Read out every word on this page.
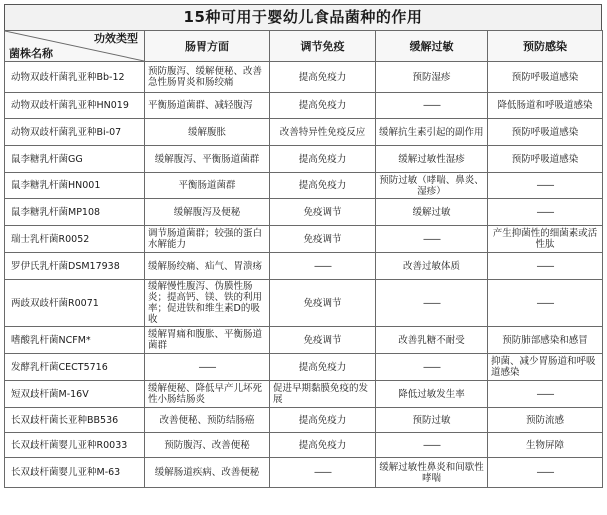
15种可用于婴幼儿食品菌种的作用
功效类型
菌株名称	肠胃方面	调节免疫	缓解过敏	预防感染
动物双歧杆菌乳亚种Bb-12	预防腹泻、缓解便秘、改善急性肠胃炎和肠绞痛	提高免疫力	预防湿疹	预防呼吸道感染
动物双歧杆菌乳亚种HN019	平衡肠道菌群、减轻腹泻	提高免疫力	——	降低肠道和呼吸道感染
动物双歧杆菌乳亚种Bi-07	缓解腹胀	改善特异性免疫反应	缓解抗生素引起的副作用	预防呼吸道感染
鼠李糖乳杆菌GG	缓解腹泻、平衡肠道菌群	提高免疫力	缓解过敏性湿疹	预防呼吸道感染
鼠李糖乳杆菌HN001	平衡肠道菌群	提高免疫力	预防过敏（哮喘、鼻炎、湿疹）	——
鼠李糖乳杆菌MP108	缓解腹泻及便秘	免疫调节	缓解过敏	——
瑞士乳杆菌R0052	调节肠道菌群；较强的蛋白水解能力	免疫调节	——	产生抑菌性的细菌素或活性肽
罗伊氏乳杆菌DSM17938	缓解肠绞痛、疝气、胃溃疡	——	改善过敏体质	——
两歧双歧杆菌R0071	缓解慢性腹泻、伪膜性肠炎；提高钙、镁、铁的利用率；促进铁和维生素D的吸收	免疫调节	——	——
嗜酸乳杆菌NCFM*	缓解胃痛和腹胀、平衡肠道菌群	免疫调节	改善乳糖不耐受	预防肺部感染和感冒
发酵乳杆菌CECT5716	——	提高免疫力	——	抑菌、减少胃肠道和呼吸道感染
短双歧杆菌M-16V	缓解便秘、降低早产儿坏死性小肠结肠炎	促进早期黏膜免疫的发展	降低过敏发生率	——
长双歧杆菌长亚种BB536	改善便秘、预防结肠癌	提高免疫力	预防过敏	预防流感
长双歧杆菌婴儿亚种R0033	预防腹泻、改善便秘	提高免疫力	——	生物屏障
长双歧杆菌婴儿亚种M-63	缓解肠道疾病、改善便秘	——	缓解过敏性鼻炎和间歇性哮喘	——
